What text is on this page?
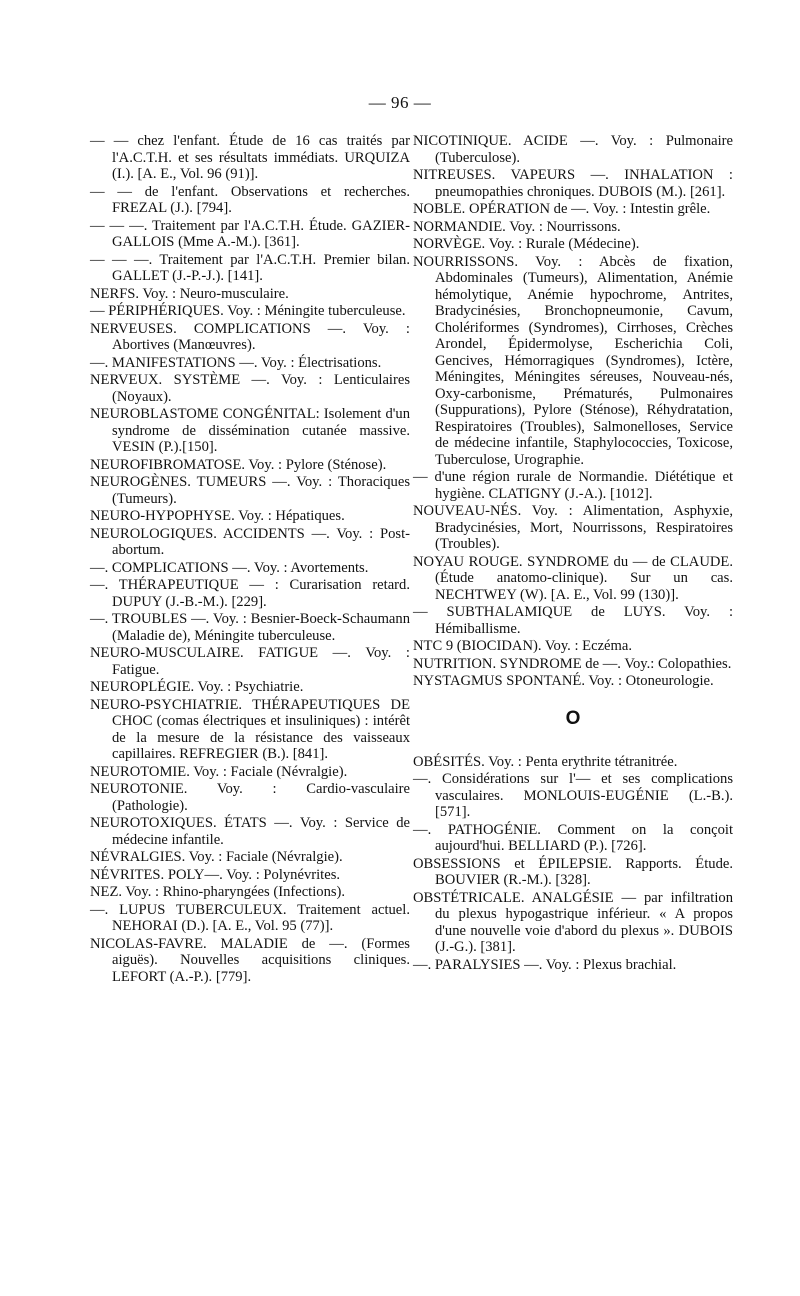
— 96 —
— — chez l'enfant. Étude de 16 cas traités par l'A.C.T.H. et ses résultats immédiats. URQUIZA (I.). [A. E., Vol. 96 (91)].
— — de l'enfant. Observations et recherches. FREZAL (J.). [794].
— — —. Traitement par l'A.C.T.H. Étude. GAZIER-GALLOIS (Mme A.-M.). [361].
— — —. Traitement par l'A.C.T.H. Premier bilan. GALLET (J.-P.-J.). [141].
NERFS. Voy. : Neuro-musculaire.
— PÉRIPHÉRIQUES. Voy. : Méningite tuberculeuse.
NERVEUSES. COMPLICATIONS —. Voy. : Abortives (Manœuvres).
—. MANIFESTATIONS —. Voy. : Électrisations.
NERVEUX. SYSTÈME —. Voy. : Lenticulaires (Noyaux).
NEUROBLASTOME CONGÉNITAL: Isolement d'un syndrome de dissémination cutanée massive. VESIN (P.).[150].
NEUROFIBROMATOSE. Voy. : Pylore (Sténose).
NEUROGÈNES. TUMEURS —. Voy. : Thoraciques (Tumeurs).
NEURO-HYPOPHYSE. Voy. : Hépatiques.
NEUROLOGIQUES. ACCIDENTS —. Voy. : Post-abortum.
—. COMPLICATIONS —. Voy. : Avortements.
—. THÉRAPEUTIQUE — : Curarisation retard. DUPUY (J.-B.-M.). [229].
—. TROUBLES —. Voy. : Besnier-Boeck-Schaumann (Maladie de), Méningite tuberculeuse.
NEURO-MUSCULAIRE. FATIGUE —. Voy. : Fatigue.
NEUROPLÉGIE. Voy. : Psychiatrie.
NEURO-PSYCHIATRIE. THÉRAPEUTIQUES DE CHOC (comas électriques et insuliniques) : intérêt de la mesure de la résistance des vaisseaux capillaires. REFREGIER (B.). [841].
NEUROTOMIE. Voy. : Faciale (Névralgie).
NEUROTONIE. Voy. : Cardio-vasculaire (Pathologie).
NEUROTOXIQUES. ÉTATS —. Voy. : Service de médecine infantile.
NÉVRALGIES. Voy. : Faciale (Névralgie).
NÉVRITES. POLY—. Voy. : Polynévrites.
NEZ. Voy. : Rhino-pharyngées (Infections).
—. LUPUS TUBERCULEUX. Traitement actuel. NEHORAI (D.). [A. E., Vol. 95 (77)].
NICOLAS-FAVRE. MALADIE de —. (Formes aiguës). Nouvelles acquisitions cliniques. LEFORT (A.-P.). [779].
NICOTINIQUE. ACIDE —. Voy. : Pulmonaire (Tuberculose).
NITREUSES. VAPEURS —. INHALATION : pneumopathies chroniques. DUBOIS (M.). [261].
NOBLE. OPÉRATION de —. Voy. : Intestin grêle.
NORMANDIE. Voy. : Nourrissons.
NORVÈGE. Voy. : Rurale (Médecine).
NOURRISSONS. Voy. : Abcès de fixation, Abdominales (Tumeurs), Alimentation, Anémie hémolytique, Anémie hypochrome, Antrites, Bradycinésies, Bronchopneumonie, Cavum, Cholériformes (Syndromes), Cirrhoses, Crèches Arondel, Épidermolyse, Escherichia Coli, Gencives, Hémorragiques (Syndromes), Ictère, Méningites, Méningites séreuses, Nouveau-nés, Oxy-carbonisme, Prématurés, Pulmonaires (Suppurations), Pylore (Sténose), Réhydratation, Respiratoires (Troubles), Salmonelloses, Service de médecine infantile, Staphylococcies, Toxicose, Tuberculose, Urographie.
— d'une région rurale de Normandie. Diététique et hygiène. CLATIGNY (J.-A.). [1012].
NOUVEAU-NÉS. Voy. : Alimentation, Asphyxie, Bradycinésies, Mort, Nourrissons, Respiratoires (Troubles).
NOYAU ROUGE. SYNDROME du — de CLAUDE. (Étude anatomo-clinique). Sur un cas. NECHTWEY (W). [A. E., Vol. 99 (130)].
— SUBTHALAMIQUE de LUYS. Voy. : Hémiballisme.
NTC 9 (BIOCIDAN). Voy. : Eczéma.
NUTRITION. SYNDROME de —. Voy.: Colopathies.
NYSTAGMUS SPONTANÉ. Voy. : Otoneurologie.
O
OBÉSITÉS. Voy. : Penta erythrite tétranitrée.
—. Considérations sur l'— et ses complications vasculaires. MONLOUIS-EUGÉNIE (L.-B.). [571].
—. PATHOGÉNIE. Comment on la conçoit aujourd'hui. BELLIARD (P.). [726].
OBSESSIONS et ÉPILEPSIE. Rapports. Étude. BOUVIER (R.-M.). [328].
OBSTÉTRICALE. ANALGÉSIE — par infiltration du plexus hypogastrique inférieur. « A propos d'une nouvelle voie d'abord du plexus ». DUBOIS (J.-G.). [381].
—. PARALYSIES —. Voy. : Plexus brachial.
